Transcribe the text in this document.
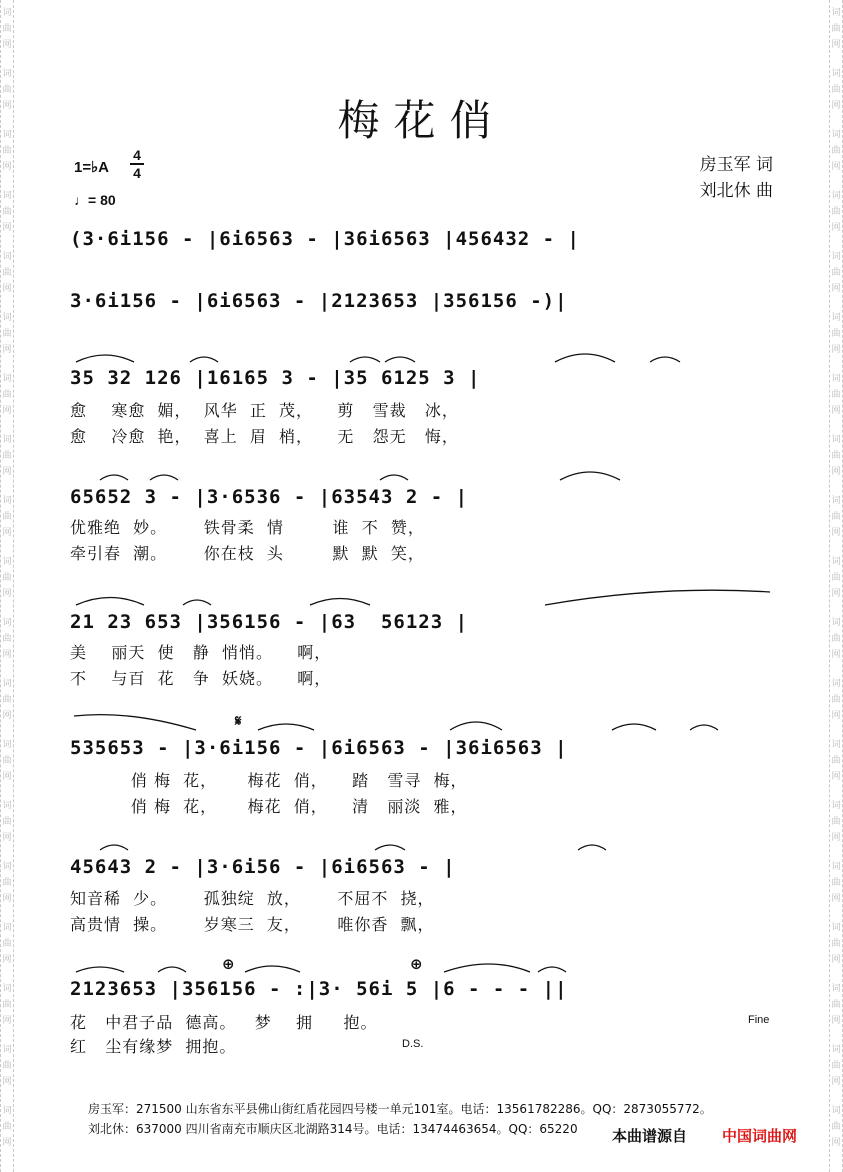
词	词
曲	曲
网	网
词	词
曲	曲
网	网
词	词
曲	曲
网	网
词	词
曲	曲
网	网
词	词
曲	曲
网	网
词	词
曲	曲
网	网
词	词
曲	曲
网	网
词	词
曲	曲
网	网
词	词
曲	曲
网	网
词	词
曲	曲
网	网
词	词
曲	曲
网	网
词	词
曲	曲
网	网
词	词
曲	曲
网	网
词	词
曲	曲
网	网
词	词
曲	曲
网	网
词	词
曲	曲
网	网
词	词
曲	曲
网	网
词	词
曲	曲
网	网
词	词
曲	曲
网	网
梅花俏
房玉军 词
刘北休 曲
1=♭A
4
4
♩= 80
(3·6i156 - |6i6563 - |36i6563 |456432 - |
3·6i156 - |6i6563 - |2123653 |356156 -)|
35 32 126 |16165 3 - |35 6125 3 |
愈    寒愈  媚，  风华  正  茂，    剪   雪裁   冰，
愈    冷愈  艳，  喜上  眉  梢，    无   怨无   悔，
65652 3 - |3·6536 - |63543 2 - |
优雅绝  妙。      铁骨柔  情        谁  不  赞，
牵引春  潮。      你在枝  头        默  默  笑，
21 23 653 |356156 - |63  56123 |
美    丽天  使   静  悄悄。    啊，
不    与百  花   争  妖娆。    啊，
535653 - |3·6i156 - |6i6563 - |36i6563 |
俏 梅  花，     梅花  俏，    踏   雪寻  梅，
俏 梅  花，     梅花  俏，    清   丽淡  雅，
45643 2 - |3·6i56 - |6i6563 - |
知音稀  少。      孤独绽  放，      不屈不  挠，
高贵情  操。      岁寒三  友，      唯你香  飘，
2123653 |356156 - :|3· 56i 5 |6 - - - ||
花   中君子品  德高。   梦    拥     抱。
红   尘有缘梦  拥抱。
𝄋
⊕	⊕
Fine
D.S.
房玉军：271500 山东省东平县佛山街红盾花园四号楼一单元101室。电话：13561782286。QQ：2873055772。
刘北休：637000 四川省南充市顺庆区北湖路314号。电话：13474463654。QQ：65220 本曲谱源自 中国词曲网
